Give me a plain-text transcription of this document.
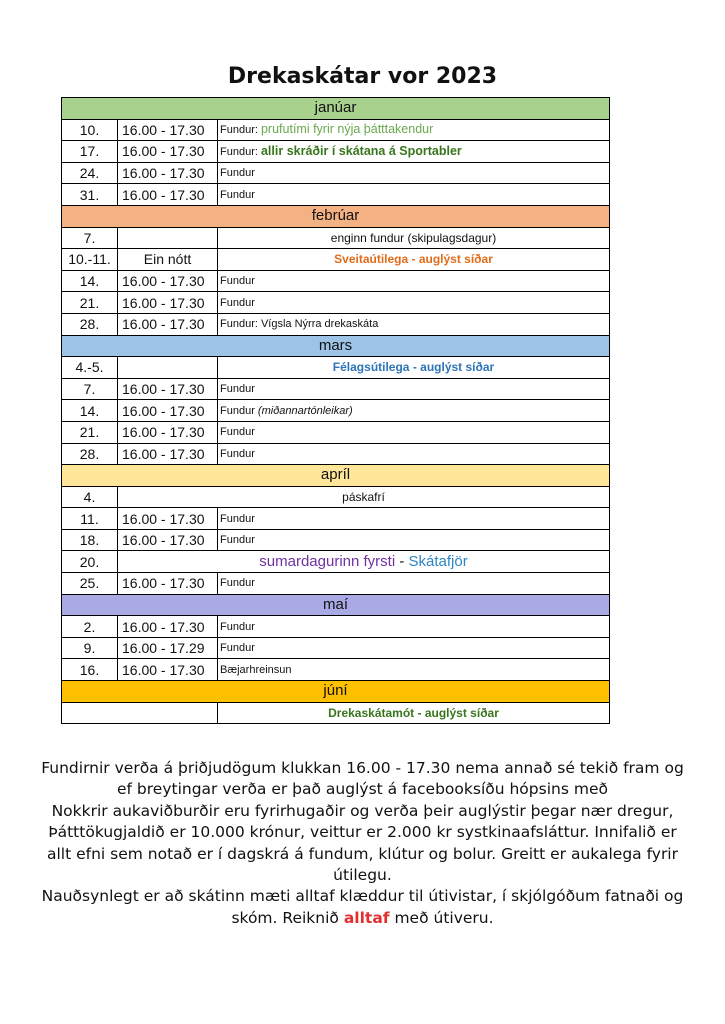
Drekaskátar vor 2023
janúar		
10.	16.00 - 17.30	Fundur: prufutími fyrir nýja þátttakendur
17.	16.00 - 17.30	Fundur: allir skráðir í skátana á Sportabler
24.	16.00 - 17.30	Fundur
31.	16.00 - 17.30	Fundur
febrúar		
7.		enginn fundur (skipulagsdagur)
10.-11.	Ein nótt	Sveitaútilega - auglýst síðar
14.	16.00 - 17.30	Fundur
21.	16.00 - 17.30	Fundur
28.	16.00 - 17.30	Fundur: Vígsla Nýrra drekaskáta
mars		
4.-5.		Félagsútilega - auglýst síðar
7.	16.00 - 17.30	Fundur
14.	16.00 - 17.30	Fundur (miðannartónleikar)
21.	16.00 - 17.30	Fundur
28.	16.00 - 17.30	Fundur
apríl		
4.	páskafrí	
11.	16.00 - 17.30	Fundur
18.	16.00 - 17.30	Fundur
20.	sumardagurinn fyrsti - Skátafjör	
25.	16.00 - 17.30	Fundur
maí		
2.	16.00 - 17.30	Fundur
9.	16.00 - 17.29	Fundur
16.	16.00 - 17.30	Bæjarhreinsun
júní		
		Drekaskátamót - auglýst síðar

Fundirnir verða á þriðjudögum klukkan 16.00 - 17.30 nema annað sé tekið fram og ef breytingar verða er það auglýst á facebooksíðu hópsins með

Nokkrir aukaviðburðir eru fyrirhugaðir og verða þeir auglýstir þegar nær dregur,

Þátttökugjaldið er 10.000 krónur, veittur er 2.000 kr systkinaafsláttur. Innifalið er allt efni sem notað er í dagskrá á fundum, klútur og bolur. Greitt er aukalega fyrir útilegu.

Nauðsynlegt er að skátinn mæti alltaf klæddur til útivistar, í skjólgóðum fatnaði og skóm. Reiknið alltaf með útiveru.
